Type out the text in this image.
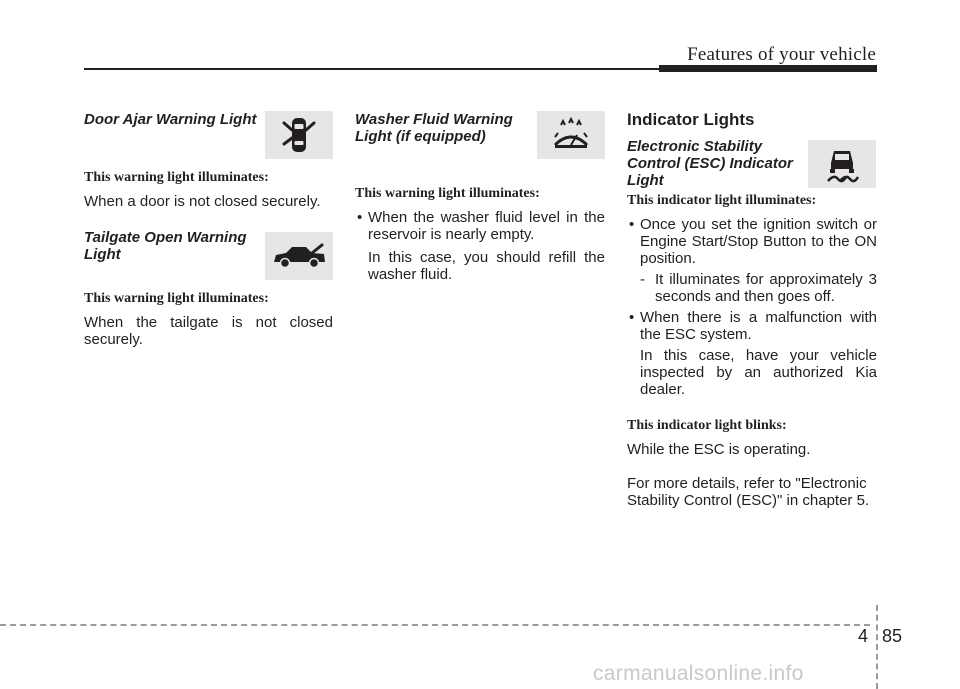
Features of your vehicle

Door Ajar Warning Light

This warning light illuminates:

When a door is not closed securely.

Tailgate Open Warning
Light

This warning light illuminates:

When the tailgate is not closed securely.

Washer Fluid Warning
Light (if equipped)

This warning light illuminates:

• When the washer fluid level in the reservoir is nearly empty.

In this case, you should refill the washer fluid.

Indicator Lights

Electronic Stability
Control (ESC) Indicator
Light

This indicator light illuminates:

• Once you set the ignition switch or Engine Start/Stop Button to the ON position.
- It illuminates for approximately 3 seconds and then goes off.
• When there is a malfunction with the ESC system.

In this case, have your vehicle inspected by an authorized Kia dealer.

This indicator light blinks:

While the ESC is operating.

For more details, refer to "Electronic Stability Control (ESC)" in chapter 5.

4 85
carmanualsonline.info
